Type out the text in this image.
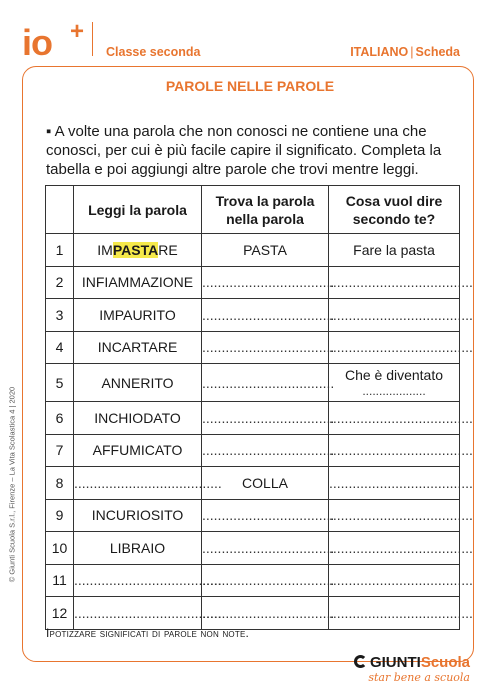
io +
Classe seconda	ITALIANO | Scheda
PAROLE NELLE PAROLE
▪ A volte una parola che non conosci ne contiene una che conosci, per cui è più facile capire il significato. Completa la tabella e poi aggiungi altre parole che trovi mentre leggi.
	Leggi la parola	Trova la parola nella parola	Cosa vuol dire secondo te?
1	IMPASTARE	PASTA	Fare la pasta
2	INFIAMMAZIONE	..................................	.....................................
3	IMPAURITO	..................................	.....................................
4	INCARTARE	..................................	.....................................
5	ANNERITO	..................................	Che è diventato
...................

6	INCHIODATO	..................................	.....................................
7	AFFUMICATO	..................................	.....................................
8	......................................	COLLA	.....................................
9	INCURIOSITO	..................................	.....................................
10	LIBRAIO	..................................	.....................................
11	......................................	..................................	.....................................
12	......................................	..................................	.....................................
Ipotizzare significati di parole non note.
© Giunti Scuola S.r.l., Firenze – La Vita Scolastica 4 | 2020
GIUNTIScuola
star bene a scuola
